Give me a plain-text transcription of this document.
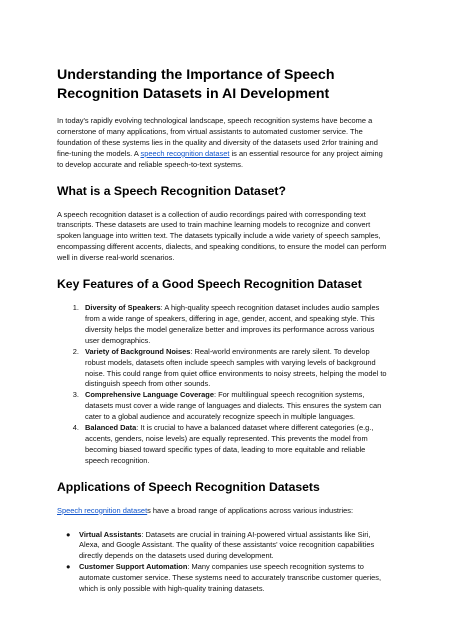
Understanding the Importance of Speech Recognition Datasets in AI Development

In today's rapidly evolving technological landscape, speech recognition systems have become a cornerstone of many applications, from virtual assistants to automated customer service. The foundation of these systems lies in the quality and diversity of the datasets used 2rfor training and fine-tuning the models. A speech recognition dataset is an essential resource for any project aiming to develop accurate and reliable speech-to-text systems.

What is a Speech Recognition Dataset?

A speech recognition dataset is a collection of audio recordings paired with corresponding text transcripts. These datasets are used to train machine learning models to recognize and convert spoken language into written text. The datasets typically include a wide variety of speech samples, encompassing different accents, dialects, and speaking conditions, to ensure the model can perform well in diverse real-world scenarios.

Key Features of a Good Speech Recognition Dataset
1. Diversity of Speakers: A high-quality speech recognition dataset includes audio samples from a wide range of speakers, differing in age, gender, accent, and speaking style. This diversity helps the model generalize better and improves its performance across various user demographics.
2. Variety of Background Noises: Real-world environments are rarely silent. To develop robust models, datasets often include speech samples with varying levels of background noise. This could range from quiet office environments to noisy streets, helping the model to distinguish speech from other sounds.
3. Comprehensive Language Coverage: For multilingual speech recognition systems, datasets must cover a wide range of languages and dialects. This ensures the system can cater to a global audience and accurately recognize speech in multiple languages.
4. Balanced Data: It is crucial to have a balanced dataset where different categories (e.g., accents, genders, noise levels) are equally represented. This prevents the model from becoming biased toward specific types of data, leading to more equitable and reliable speech recognition.
Applications of Speech Recognition Datasets

Speech recognition datasets have a broad range of applications across various industries:

● Virtual Assistants: Datasets are crucial in training AI-powered virtual assistants like Siri, Alexa, and Google Assistant. The quality of these assistants' voice recognition capabilities directly depends on the datasets used during development.
● Customer Support Automation: Many companies use speech recognition systems to automate customer service. These systems need to accurately transcribe customer queries, which is only possible with high-quality training datasets.
